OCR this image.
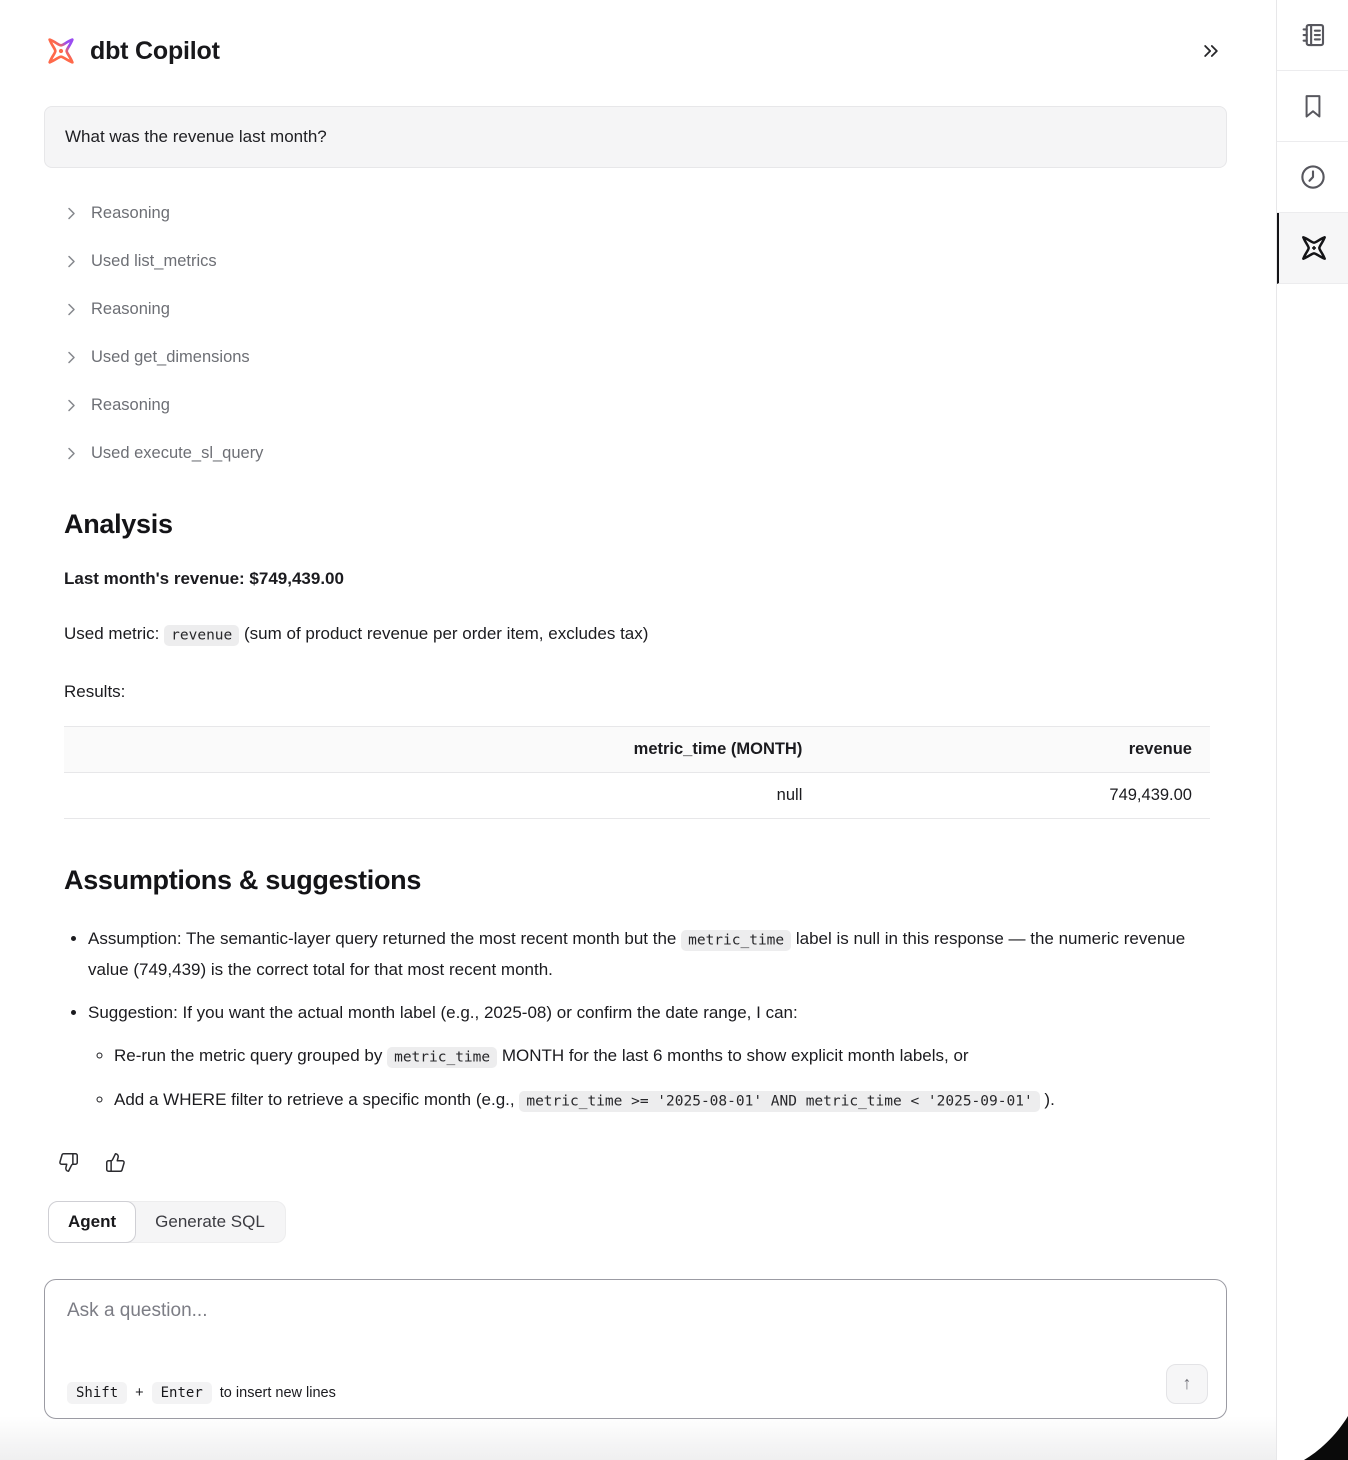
dbt Copilot
What was the revenue last month?
Reasoning
Used list_metrics
Reasoning
Used get_dimensions
Reasoning
Used execute_sl_query
Analysis

Last month's revenue: $749,439.00

Used metric: revenue (sum of product revenue per order item, excludes tax)

Results:

metric_time (MONTH)	revenue
null	749,439.00
Assumptions & suggestions
• Assumption: The semantic-layer query returned the most recent month but the metric_time label is null in this response — the numeric revenue value (749,439) is the correct total for that most recent month.
• Suggestion: If you want the actual month label (e.g., 2025-08) or confirm the date range, I can:
◦ Re-run the metric query grouped by metric_time MONTH for the last 6 months to show explicit month labels, or
◦ Add a WHERE filter to retrieve a specific month (e.g., metric_time >= '2025-08-01' AND metric_time < '2025-09-01' ).
Agent	Generate SQL
Ask a question...
Shift	+	Enter	to insert new lines	↑
